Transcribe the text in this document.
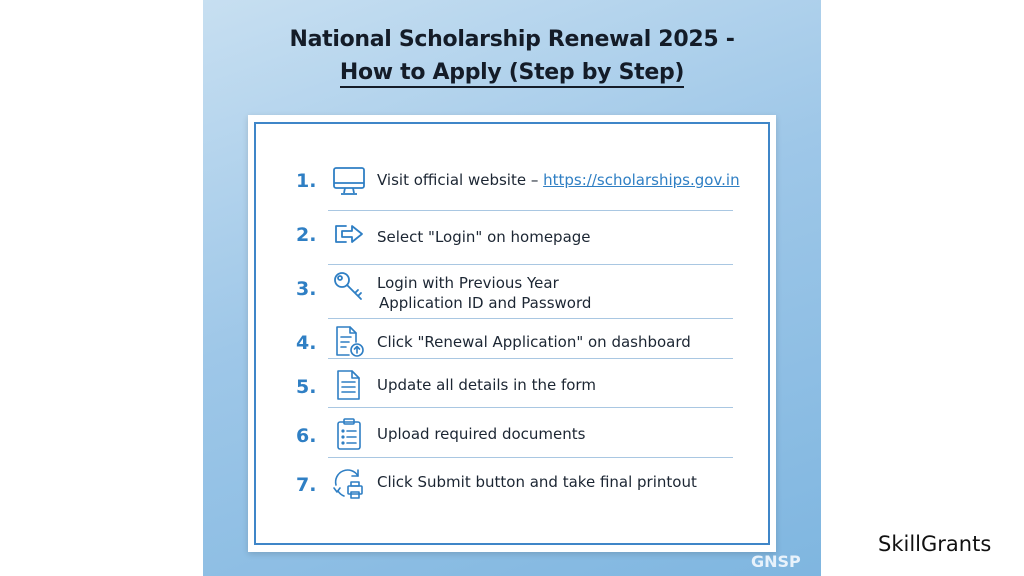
National Scholarship Renewal 2025 -
How to Apply (Step by Step)
1.	Visit official website – https://scholarships.gov.in
2.	Select "Login" on homepage
3.	Login with Previous Year
Application ID and Password
4.	Click "Renewal Application" on dashboard
5.	Update all details in the form
6.	Upload required documents
7.	Click Submit button and take final printout
GNSP
SkillGrants
